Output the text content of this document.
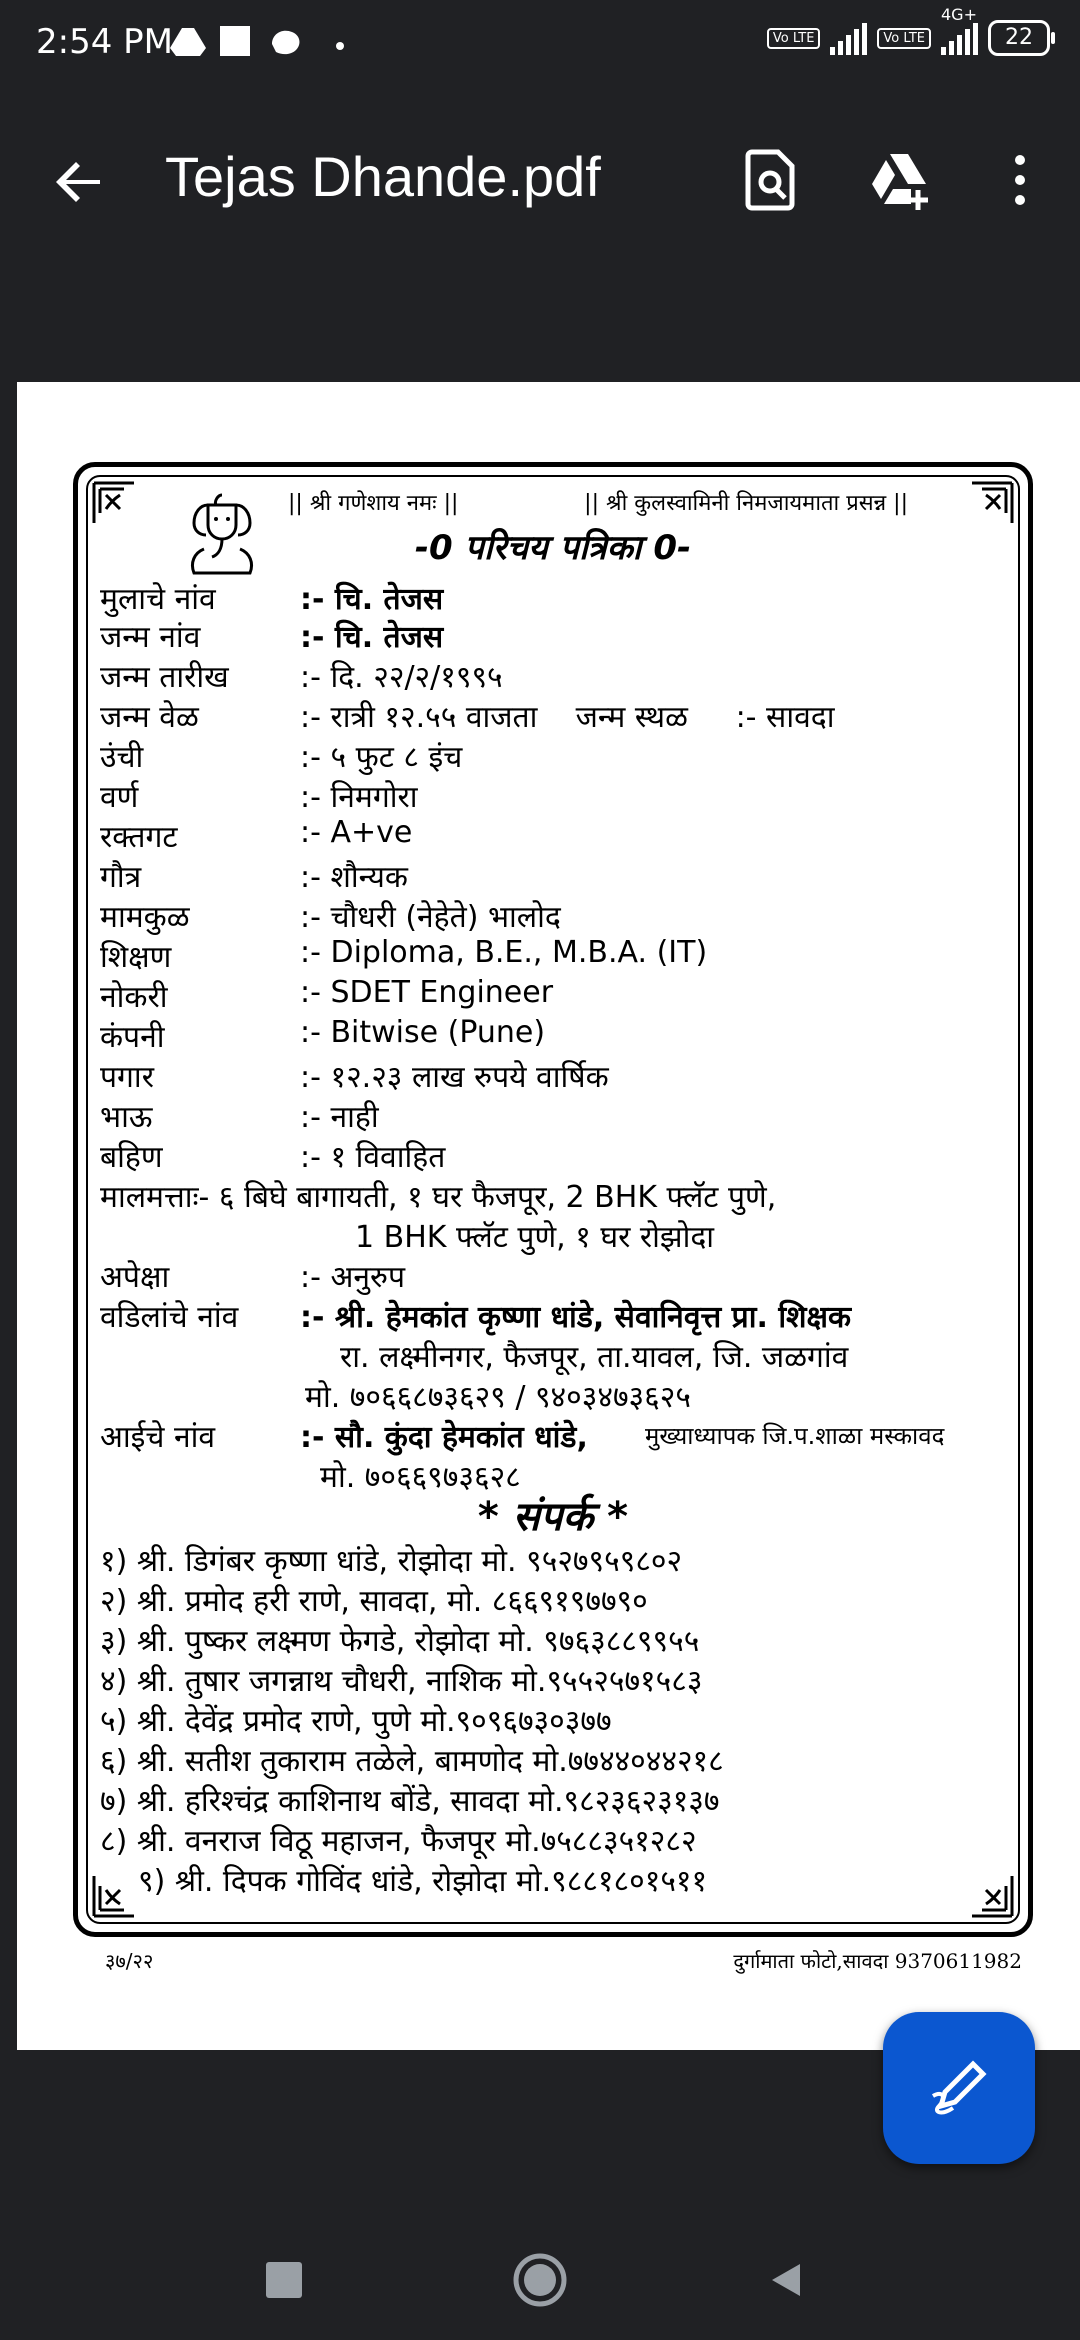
2:54 PM	Vo LTE	Vo LTE
4G+
22
Tejas Dhande.pdf
|| श्री गणेशाय नमः ||	|| श्री कुलस्वामिनी निमजायमाता प्रसन्न ||
-0 परिचय पत्रिका 0-
मुलाचे नांव	:- चि. तेजस
जन्म नांव	:- चि. तेजस
जन्म तारीख :- दि. २२/२/१९९५
जन्म वेळ	:- रात्री १२.५५ वाजता    जन्म स्थळ     :- सावदा
उंची	:- ५ फुट ८ इंच
वर्ण	:- निमगोरा
रक्तगट	:- A+ve
गौत्र	:- शौन्यक
मामकुळ	:- चौधरी (नेहेते) भालोद
शिक्षण	:- Diploma, B.E., M.B.A. (IT)
नोकरी	:- SDET Engineer
कंपनी	:- Bitwise (Pune)
पगार	:- १२.२३ लाख रुपये वार्षिक
भाऊ	:- नाही
बहिण	:- १ विवाहित
मालमत्ताः- ६ बिघे बागायती, १ घर फैजपूर, 2 BHK फ्लॅट पुणे,
1 BHK फ्लॅट पुणे, १ घर रोझोदा
अपेक्षा	:- अनुरुप
वडिलांचे नांव :- श्री. हेमकांत कृष्णा धांडे, सेवानिवृत्त प्रा. शिक्षक
रा. लक्ष्मीनगर, फैजपूर, ता.यावल, जि. जळगांव
मो. ७०६६८७३६२९ / ९४०३४७३६२५
आईचे नांव	:- सौ. कुंदा हेमकांत धांडे, मुख्याध्यापक जि.प.शाळा मस्कावद
मो. ७०६६९७३६२८
* संपर्क *
१) श्री. डिगंबर कृष्णा धांडे, रोझोदा मो. ९५२७९५९८०२
२) श्री. प्रमोद हरी राणे, सावदा, मो. ८६६९१९७७९०
३) श्री. पुष्कर लक्ष्मण फेगडे, रोझोदा मो. ९७६३८८९९५५
४) श्री. तुषार जगन्नाथ चौधरी, नाशिक मो.९५५२५७१५८३
५) श्री. देवेंद्र प्रमोद राणे, पुणे मो.९०९६७३०३७७
६) श्री. सतीश तुकाराम तळेले, बामणोद मो.७७४४०४४२१८
७) श्री. हरिश्चंद्र काशिनाथ बोंडे, सावदा मो.९८२३६२३१३७
८) श्री. वनराज विठू महाजन, फैजपूर मो.७५८८३५१२८२
९) श्री. दिपक गोविंद धांडे, रोझोदा मो.९८८१८०१५११
३७/२२	दुर्गामाता फोटो,सावदा 9370611982
